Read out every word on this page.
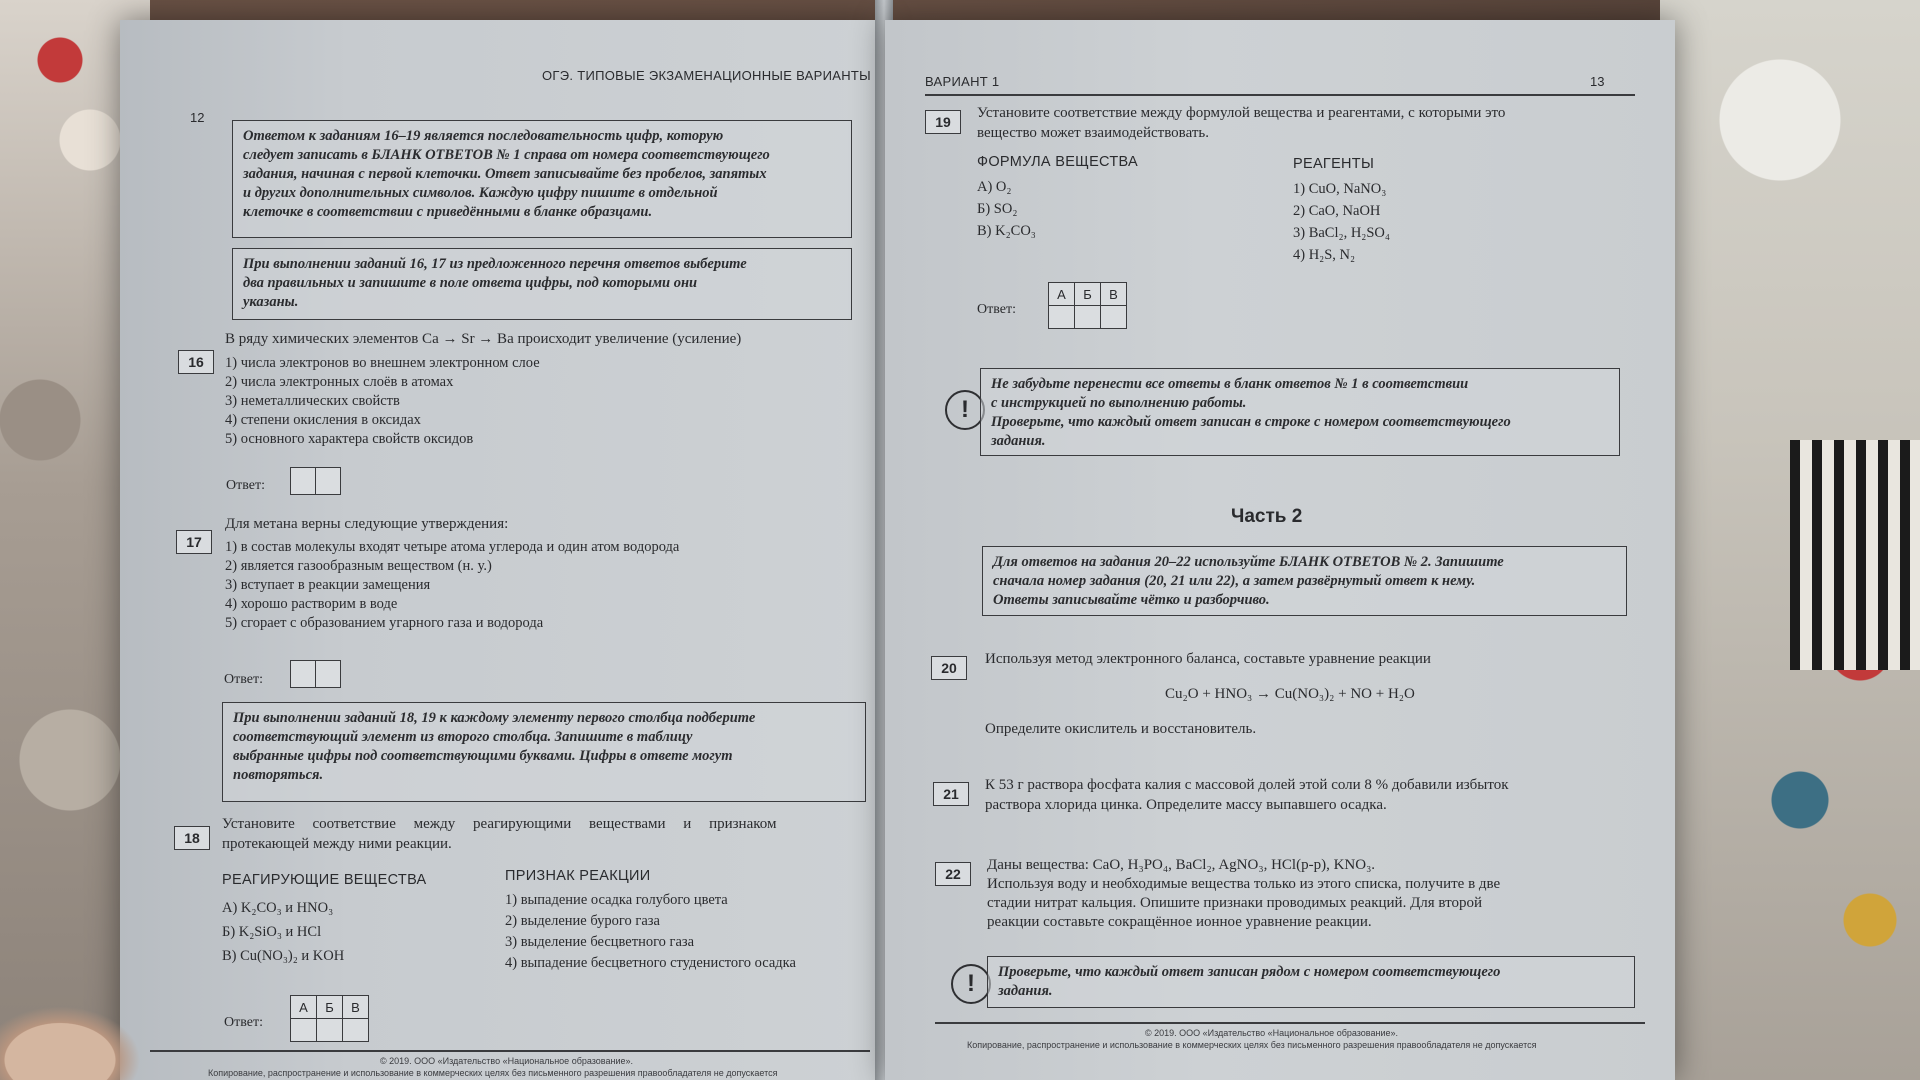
ОГЭ. ТИПОВЫЕ ЭКЗАМЕНАЦИОННЫЕ ВАРИАНТЫ
12
Ответом к заданиям 16–19 является последовательность цифр, которую
следует записать в БЛАНК ОТВЕТОВ № 1 справа от номера соответствующего
задания, начиная с первой клеточки. Ответ записывайте без пробелов, запятых
и других дополнительных символов. Каждую цифру пишите в отдельной
клеточке в соответствии с приведёнными в бланке образцами.
При выполнении заданий 16, 17 из предложенного перечня ответов выберите
два правильных и запишите в поле ответа цифры, под которыми они
указаны.
16
В ряду химических элементов Ca → Sr → Ba происходит увеличение (усиление)
1) числа электронов во внешнем электронном слое
2) числа электронных слоёв в атомах
3) неметаллических свойств
4) степени окисления в оксидах
5) основного характера свойств оксидов
Ответ:
17
Для метана верны следующие утверждения:
1) в состав молекулы входят четыре атома углерода и один атом водорода
2) является газообразным веществом (н. у.)
3) вступает в реакции замещения
4) хорошо растворим в воде
5) сгорает с образованием угарного газа и водорода
Ответ:
При выполнении заданий 18, 19 к каждому элементу первого столбца подберите
соответствующий элемент из второго столбца. Запишите в таблицу
выбранные цифры под соответствующими буквами. Цифры в ответе могут
повторяться.
18
Установите соответствие между реагирующими веществами и признаком
протекающей между ними реакции.
РЕАГИРУЮЩИЕ ВЕЩЕСТВА	ПРИЗНАК РЕАКЦИИ
А) K₂CO₃ и HNO₃
Б) K₂SiO₃ и HCl
В) Cu(NO₃)₂ и KOH
1) выпадение осадка голубого цвета
2) выделение бурого газа
3) выделение бесцветного газа
4) выпадение бесцветного студенистого осадка
Ответ:
А	Б	В

© 2019. ООО «Издательство «Национальное образование».
Копирование, распространение и использование в коммерческих целях без письменного разрешения правообладателя не допускается
ВАРИАНТ 1	13
19
Установите соответствие между формулой вещества и реагентами, с которыми это
вещество может взаимодействовать.
ФОРМУЛА ВЕЩЕСТВА	РЕАГЕНТЫ
А) O₂
Б) SO₂
В) K₂CO₃
1) CuO, NaNO₃
2) CaO, NaOH
3) BaCl₂, H₂SO₄
4) H₂S, N₂
Ответ:
А	Б	В

!
Не забудьте перенести все ответы в бланк ответов № 1 в соответствии
с инструкцией по выполнению работы.
Проверьте, что каждый ответ записан в строке с номером соответствующего
задания.
Часть 2
Для ответов на задания 20–22 используйте БЛАНК ОТВЕТОВ № 2. Запишите
сначала номер задания (20, 21 или 22), а затем развёрнутый ответ к нему.
Ответы записывайте чётко и разборчиво.
20
Используя метод электронного баланса, составьте уравнение реакции
Cu₂O + HNO₃ → Cu(NO₃)₂ + NO + H₂O
Определите окислитель и восстановитель.
21
К 53 г раствора фосфата калия с массовой долей этой соли 8 % добавили избыток
раствора хлорида цинка. Определите массу выпавшего осадка.
22
Даны вещества: CaO, H₃PO₄, BaCl₂, AgNO₃, HCl(р-р), KNO₃.
Используя воду и необходимые вещества только из этого списка, получите в две
стадии нитрат кальция. Опишите признаки проводимых реакций. Для второй
реакции составьте сокращённое ионное уравнение реакции.
!	Проверьте, что каждый ответ записан рядом с номером соответствующего
задания.
© 2019. ООО «Издательство «Национальное образование».
Копирование, распространение и использование в коммерческих целях без письменного разрешения правообладателя не допускается
